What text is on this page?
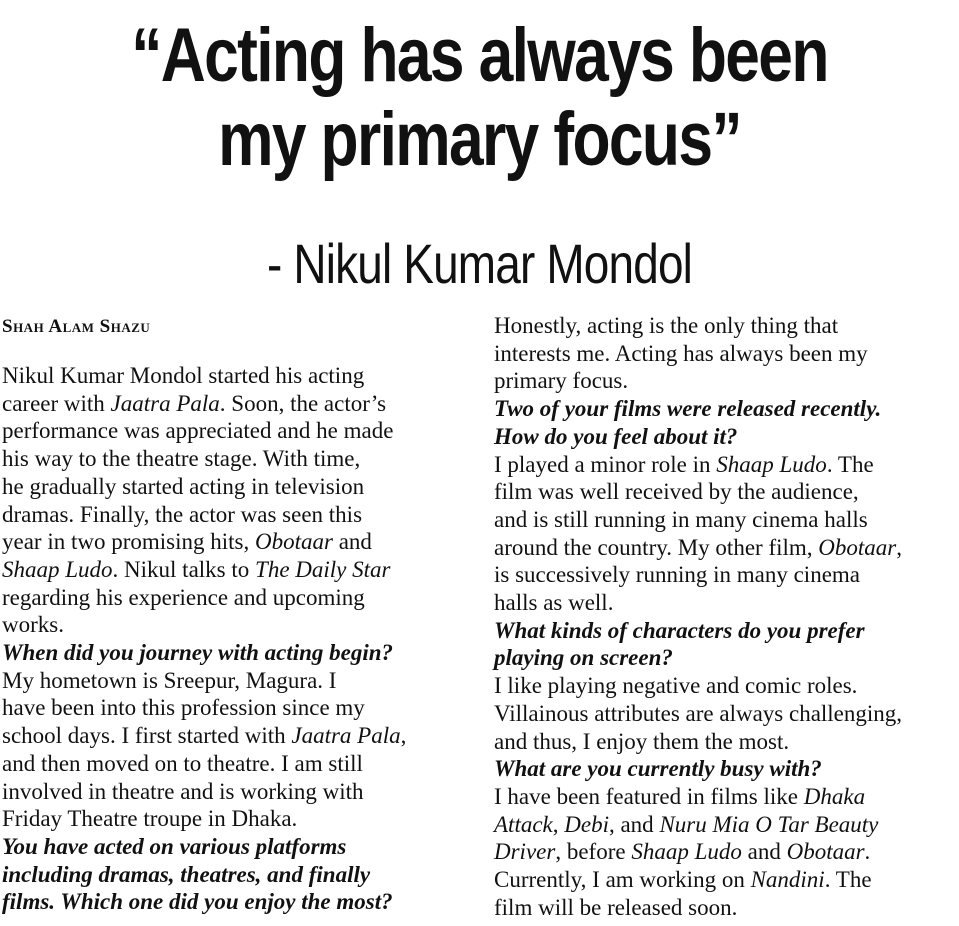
“Acting has always been
my primary focus”
- Nikul Kumar Mondol
Shah Alam Shazu

Nikul Kumar Mondol started his acting
career with Jaatra Pala. Soon, the actor’s
performance was appreciated and he made
his way to the theatre stage. With time,
he gradually started acting in television
dramas. Finally, the actor was seen this
year in two promising hits, Obotaar and
Shaap Ludo. Nikul talks to The Daily Star
regarding his experience and upcoming
works.

When did you journey with acting begin?

My hometown is Sreepur, Magura. I
have been into this profession since my
school days. I first started with Jaatra Pala,
and then moved on to theatre. I am still
involved in theatre and is working with
Friday Theatre troupe in Dhaka.

You have acted on various platforms
including dramas, theatres, and finally
films. Which one did you enjoy the most?

Honestly, acting is the only thing that
interests me. Acting has always been my
primary focus.

Two of your films were released recently.
How do you feel about it?

I played a minor role in Shaap Ludo. The
film was well received by the audience,
and is still running in many cinema halls
around the country. My other film, Obotaar,
is successively running in many cinema
halls as well.

What kinds of characters do you prefer
playing on screen?

I like playing negative and comic roles.
Villainous attributes are always challenging,
and thus, I enjoy them the most.

What are you currently busy with?

I have been featured in films like Dhaka
Attack, Debi, and Nuru Mia O Tar Beauty
Driver, before Shaap Ludo and Obotaar.
Currently, I am working on Nandini. The
film will be released soon.
